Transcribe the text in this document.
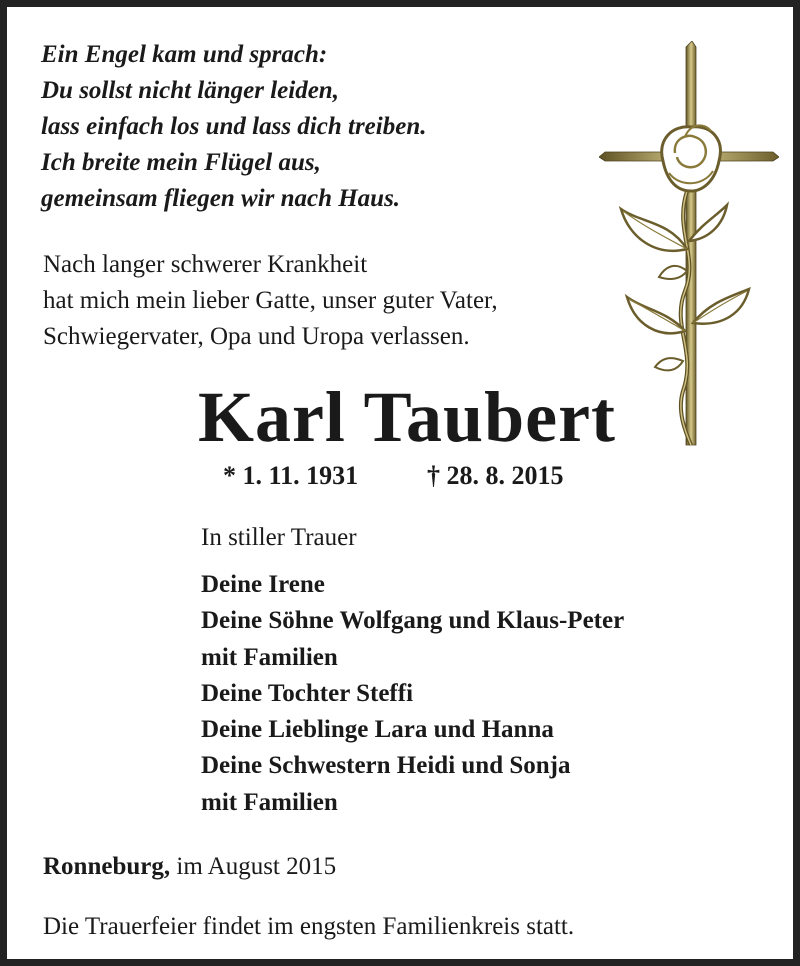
Ein Engel kam und sprach:
Du sollst nicht länger leiden,
lass einfach los und lass dich treiben.
Ich breite mein Flügel aus,
gemeinsam fliegen wir nach Haus.
Nach langer schwerer Krankheit
hat mich mein lieber Gatte, unser guter Vater,
Schwiegervater, Opa und Uropa verlassen.
Karl Taubert
* 1. 11. 1931	† 28. 8. 2015
In stiller Trauer
Deine Irene
Deine Söhne Wolfgang und Klaus-Peter
mit Familien
Deine Tochter Steffi
Deine Lieblinge Lara und Hanna
Deine Schwestern Heidi und Sonja
mit Familien
Ronneburg, im August 2015
Die Trauerfeier findet im engsten Familienkreis statt.
